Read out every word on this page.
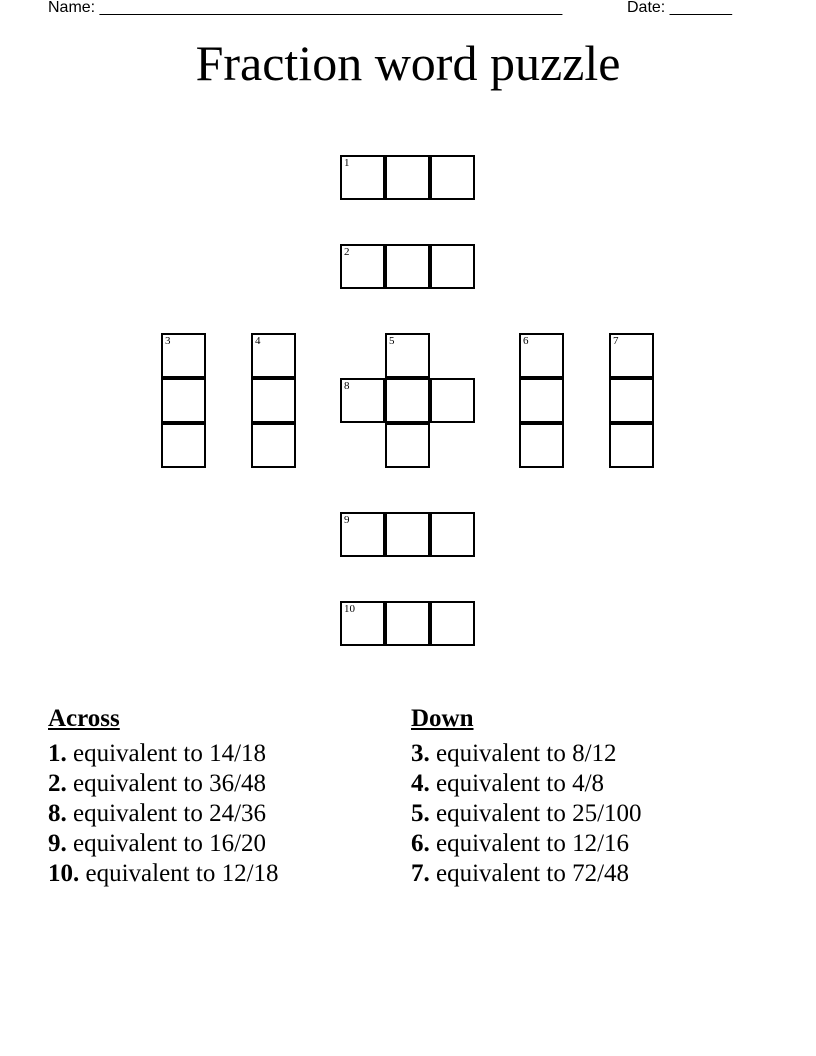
Name: ____________________________________________________	Date: _______
Fraction word puzzle
1
2
3	4	5
8
6	7
9
10
Across
1. equivalent to 14/18
2. equivalent to 36/48
8. equivalent to 24/36
9. equivalent to 16/20
10. equivalent to 12/18
Down
3. equivalent to 8/12
4. equivalent to 4/8
5. equivalent to 25/100
6. equivalent to 12/16
7. equivalent to 72/48
